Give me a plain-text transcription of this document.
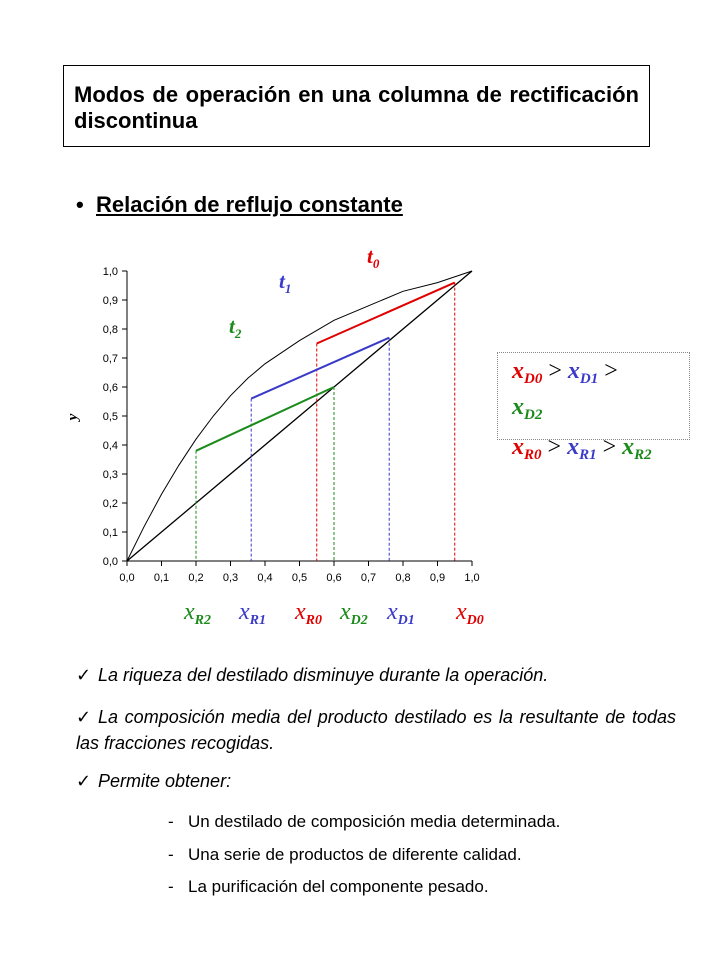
Modos de operación en una columna de rectificación discontinua

• Relación de reflujo constante
0,0 0,1 0,2 0,3 0,4 0,5 0,6 0,7 0,8 0,9 1,0
0,0
0,1
0,2
0,3
0,4
0,5
0,6
0,7
0,8
0,9
1,0
y
$t_0$
$t_1$
$t_2$
$x_{R2}$ $x_{R1}$ $x_{R0}$ $x_{D2}$ $x_{D1}$ $x_{D0}$
$x_{D0} > x_{D1}$ >
$x_{D2}$
$x_{R0} > x_{R1} > x_{R2}$
✓ La riqueza del destilado disminuye durante la operación.
✓ La composición media del producto destilado es la resultante de todas las fracciones recogidas.
✓ Permite obtener:
- Un destilado de composición media determinada.
- Una serie de productos de diferente calidad.
- La purificación del componente pesado.
